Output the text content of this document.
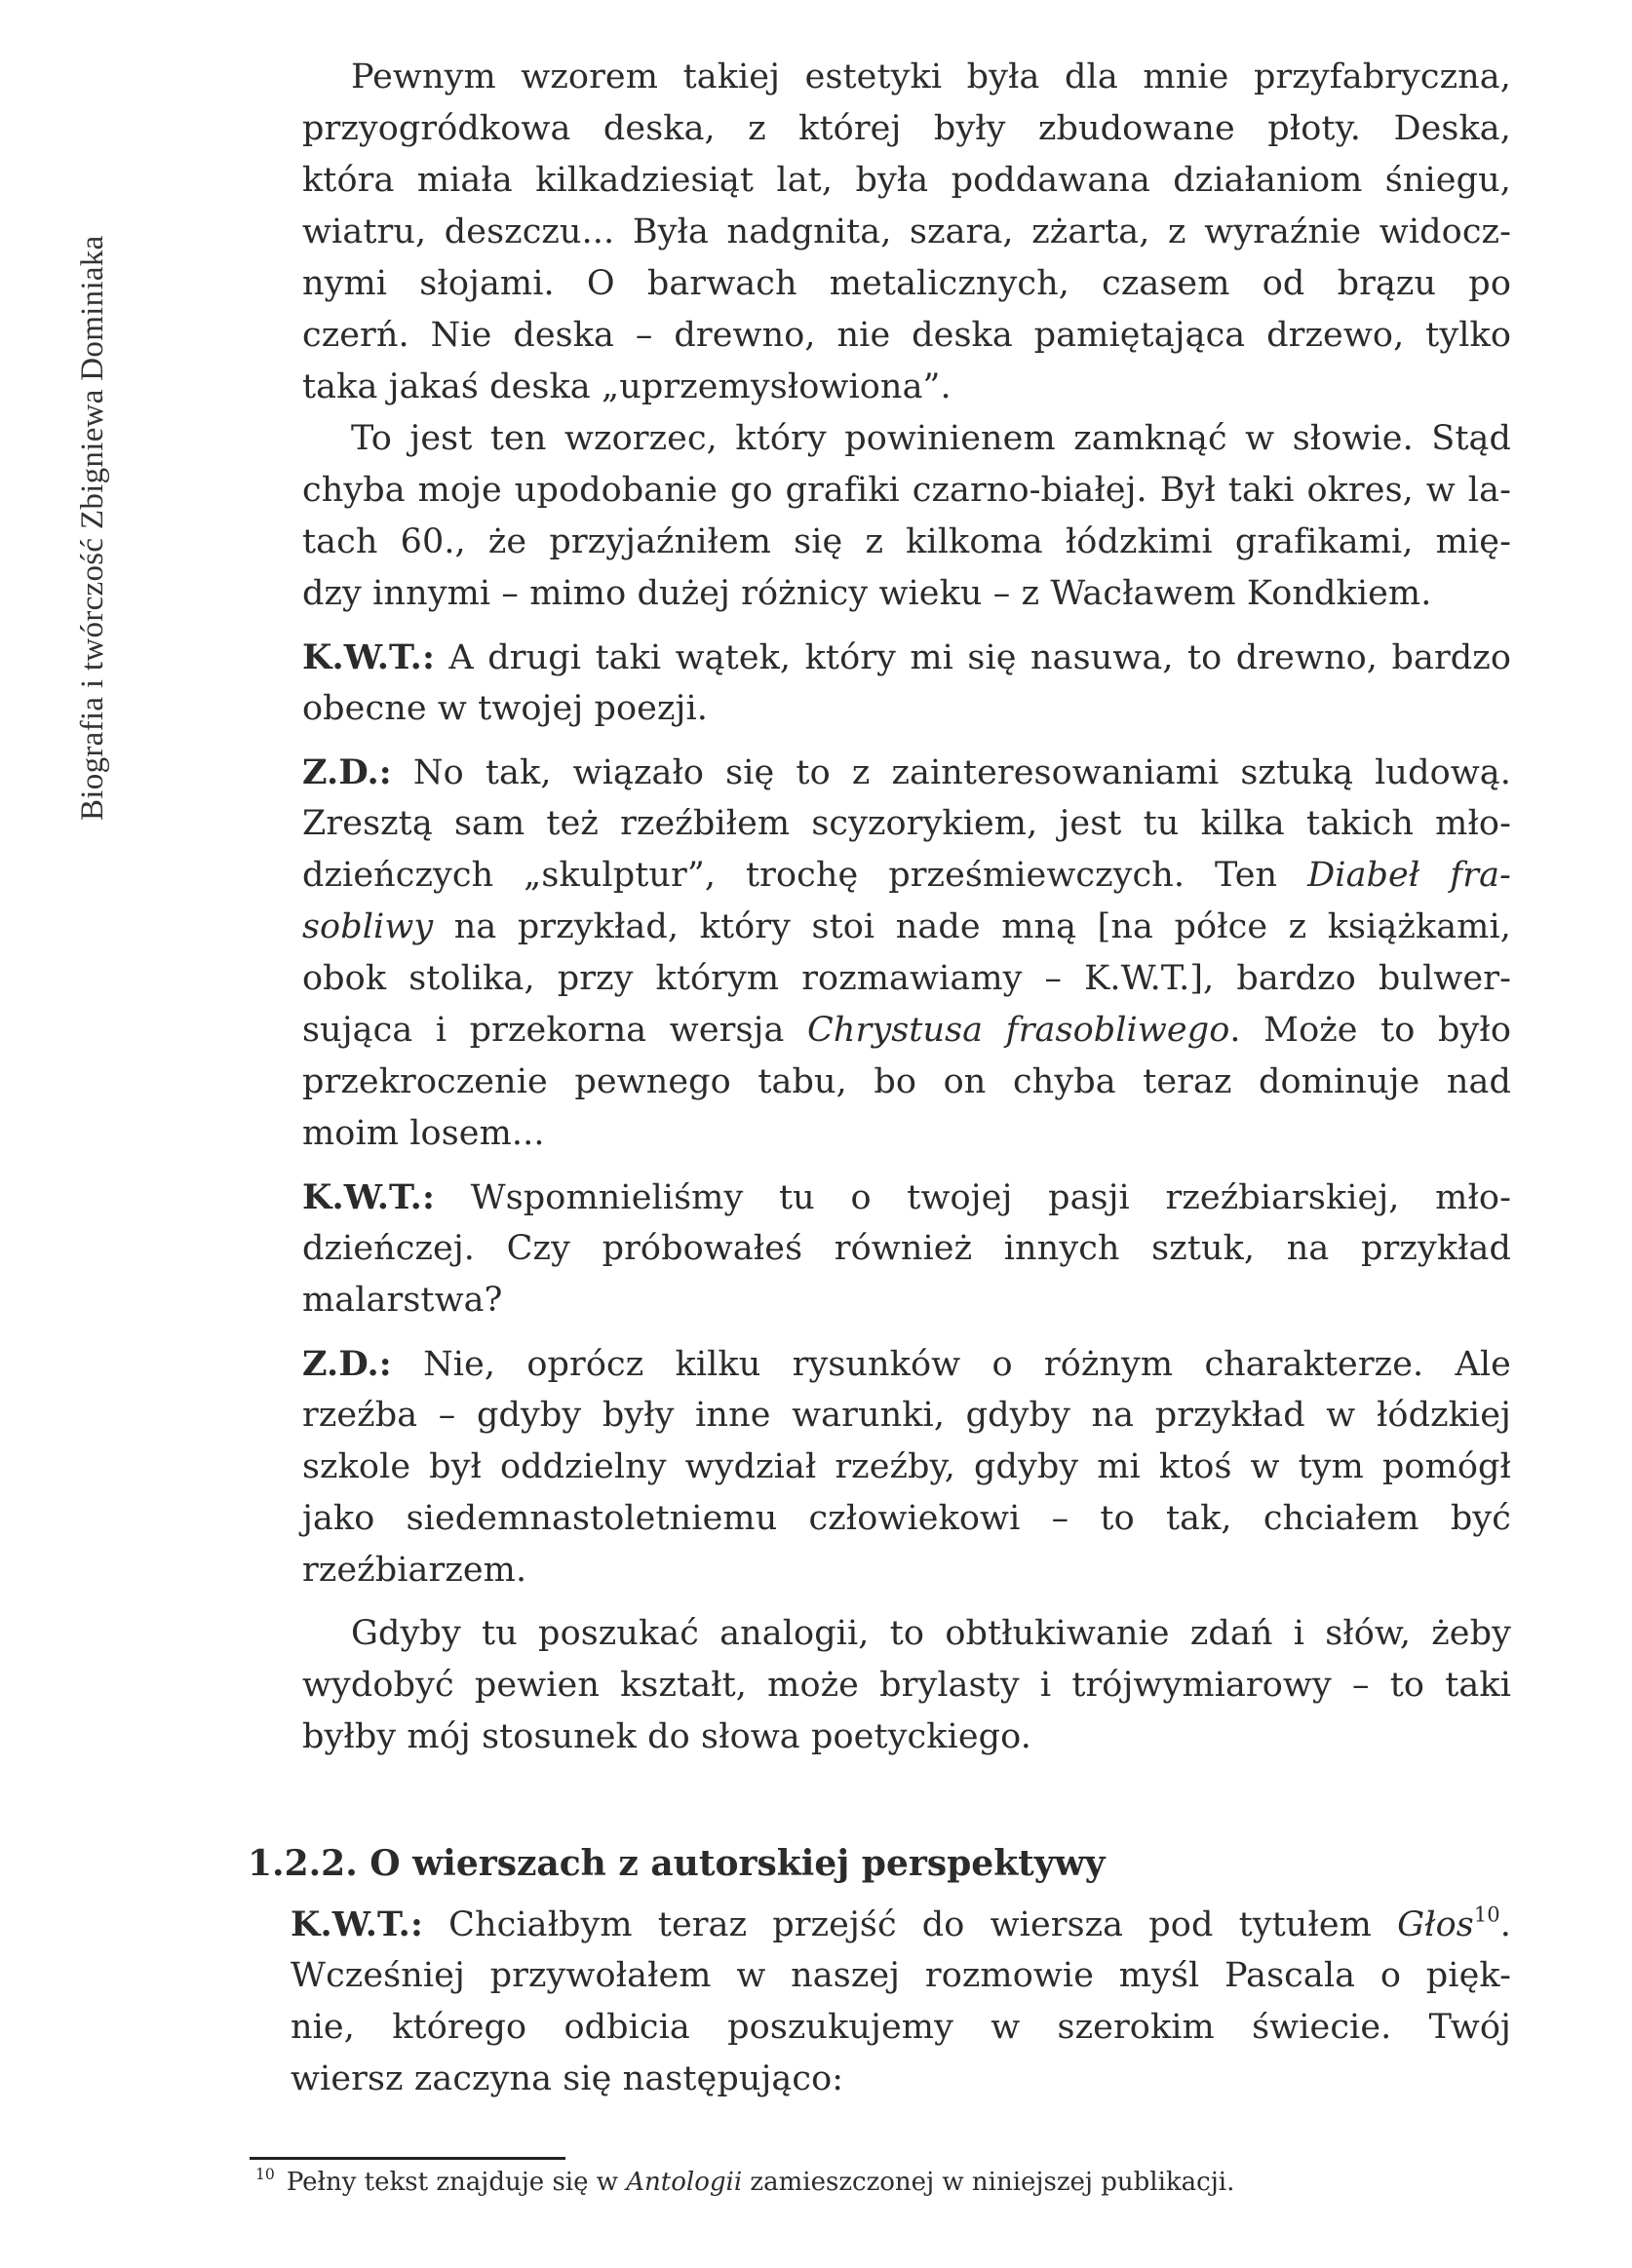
Biografia i twórczość Zbigniewa Dominiaka
Pewnym wzorem takiej estetyki była dla mnie przyfabryczna,
przyogródkowa deska, z której były zbudowane płoty. Deska,
która miała kilkadziesiąt lat, była poddawana działaniom śniegu,
wiatru, deszczu... Była nadgnita, szara, zżarta, z wyraźnie widocz-
nymi słojami. O barwach metalicznych, czasem od brązu po
czerń. Nie deska – drewno, nie deska pamiętająca drzewo, tylko
taka jakaś deska „uprzemysłowiona”.
To jest ten wzorzec, który powinienem zamknąć w słowie. Stąd
chyba moje upodobanie go grafiki czarno-białej. Był taki okres, w la-
tach 60., że przyjaźniłem się z kilkoma łódzkimi grafikami, mię-
dzy innymi – mimo dużej różnicy wieku – z Wacławem Kondkiem.
K.W.T.: A drugi taki wątek, który mi się nasuwa, to drewno, bardzo
obecne w twojej poezji.
Z.D.: No tak, wiązało się to z zainteresowaniami sztuką ludową.
Zresztą sam też rzeźbiłem scyzorykiem, jest tu kilka takich mło-
dzieńczych „skulptur”, trochę prześmiewczych. Ten Diabeł fra-
sobliwy na przykład, który stoi nade mną [na półce z książkami,
obok stolika, przy którym rozmawiamy – K.W.T.], bardzo bulwer-
sująca i przekorna wersja Chrystusa frasobliwego. Może to było
przekroczenie pewnego tabu, bo on chyba teraz dominuje nad
moim losem...
K.W.T.: Wspomnieliśmy tu o twojej pasji rzeźbiarskiej, mło-
dzieńczej. Czy próbowałeś również innych sztuk, na przykład
malarstwa?
Z.D.: Nie, oprócz kilku rysunków o różnym charakterze. Ale
rzeźba – gdyby były inne warunki, gdyby na przykład w łódzkiej
szkole był oddzielny wydział rzeźby, gdyby mi ktoś w tym pomógł
jako siedemnastoletniemu człowiekowi – to tak, chciałem być
rzeźbiarzem.
Gdyby tu poszukać analogii, to obtłukiwanie zdań i słów, żeby
wydobyć pewien kształt, może brylasty i trójwymiarowy – to taki
byłby mój stosunek do słowa poetyckiego.
1.2.2. O wierszach z autorskiej perspektywy
K.W.T.: Chciałbym teraz przejść do wiersza pod tytułem Głos$^{10}$.
Wcześniej przywołałem w naszej rozmowie myśl Pascala o pięk-
nie, którego odbicia poszukujemy w szerokim świecie. Twój
wiersz zaczyna się następująco:
$^{10}$ Pełny tekst znajduje się w Antologii zamieszczonej w niniejszej publikacji.
